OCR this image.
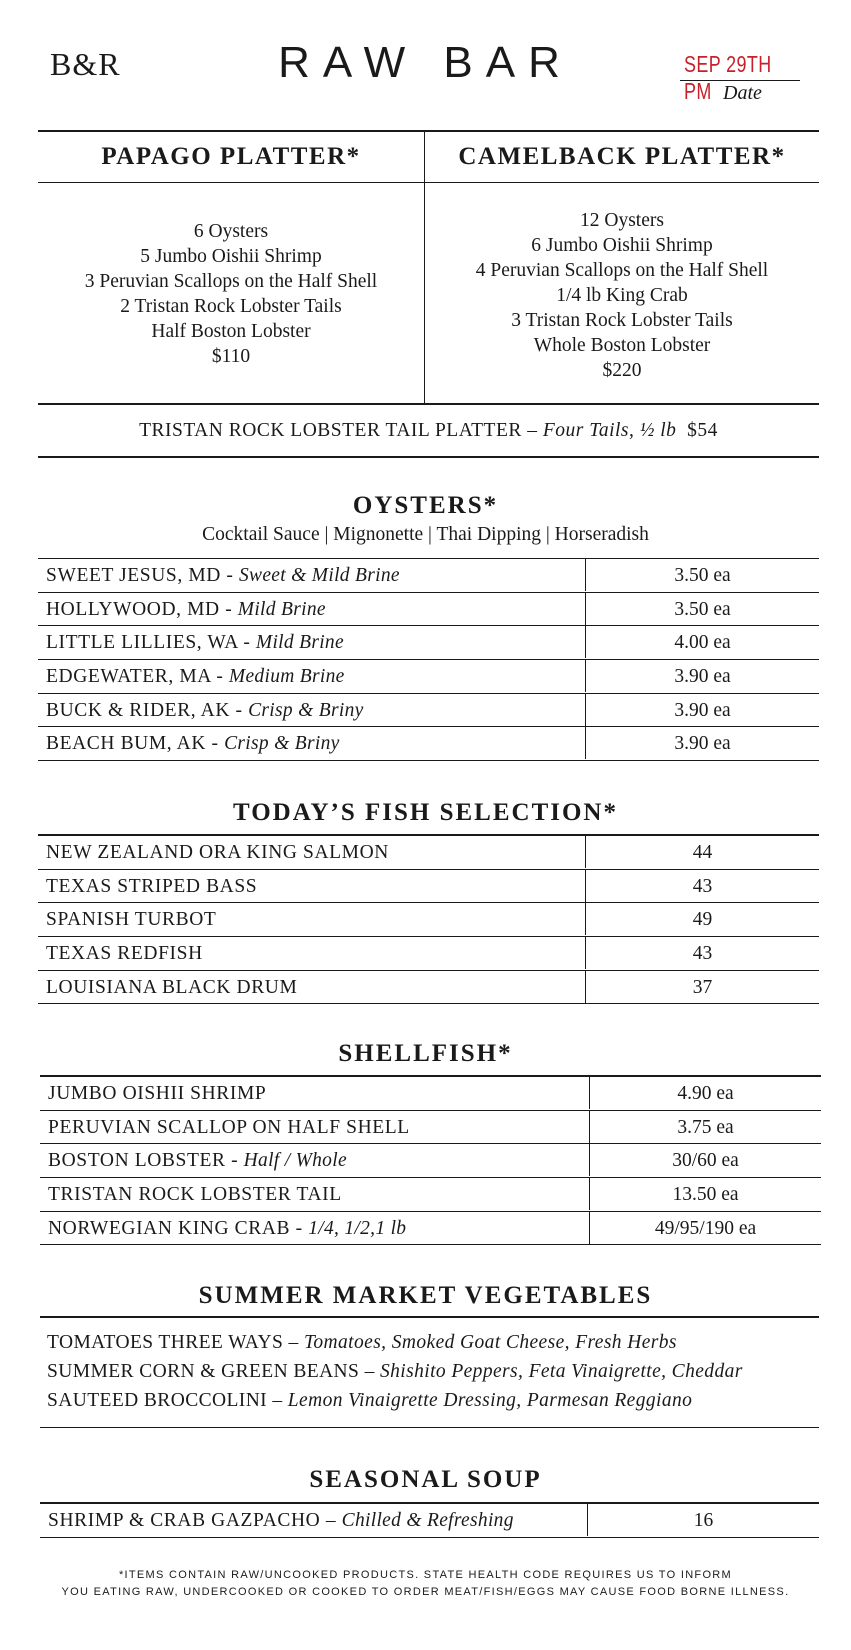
B&R	RAW BAR	SEP 29TH PM Date
PAPAGO PLATTER*
6 Oysters
5 Jumbo Oishii Shrimp
3 Peruvian Scallops on the Half Shell
2 Tristan Rock Lobster Tails
Half Boston Lobster
$110
CAMELBACK PLATTER*
12 Oysters
6 Jumbo Oishii Shrimp
4 Peruvian Scallops on the Half Shell
1/4 lb King Crab
3 Tristan Rock Lobster Tails
Whole Boston Lobster
$220
TRISTAN ROCK LOBSTER TAIL PLATTER – Four Tails, ½ lb $54
OYSTERS*
Cocktail Sauce | Mignonette | Thai Dipping | Horseradish
SWEET JESUS, MD - Sweet & Mild Brine	3.50 ea
HOLLYWOOD, MD - Mild Brine	3.50 ea
LITTLE LILLIES, WA - Mild Brine	4.00 ea
EDGEWATER, MA - Medium Brine	3.90 ea
BUCK & RIDER, AK - Crisp & Briny	3.90 ea
BEACH BUM, AK - Crisp & Briny	3.90 ea
TODAY’S FISH SELECTION*
NEW ZEALAND ORA KING SALMON	44
TEXAS STRIPED BASS	43
SPANISH TURBOT	49
TEXAS REDFISH	43
LOUISIANA BLACK DRUM	37
SHELLFISH*
JUMBO OISHII SHRIMP	4.90 ea
PERUVIAN SCALLOP ON HALF SHELL	3.75 ea
BOSTON LOBSTER - Half / Whole	30/60 ea
TRISTAN ROCK LOBSTER TAIL	13.50 ea
NORWEGIAN KING CRAB - 1/4, 1/2,1 lb	49/95/190 ea
SUMMER MARKET VEGETABLES
TOMATOES THREE WAYS – Tomatoes, Smoked Goat Cheese, Fresh Herbs
SUMMER CORN & GREEN BEANS – Shishito Peppers, Feta Vinaigrette, Cheddar
SAUTEED BROCCOLINI – Lemon Vinaigrette Dressing, Parmesan Reggiano
SEASONAL SOUP
SHRIMP & CRAB GAZPACHO – Chilled & Refreshing	16
*ITEMS CONTAIN RAW/UNCOOKED PRODUCTS. STATE HEALTH CODE REQUIRES US TO INFORM
YOU EATING RAW, UNDERCOOKED OR COOKED TO ORDER MEAT/FISH/EGGS MAY CAUSE FOOD BORNE ILLNESS.
